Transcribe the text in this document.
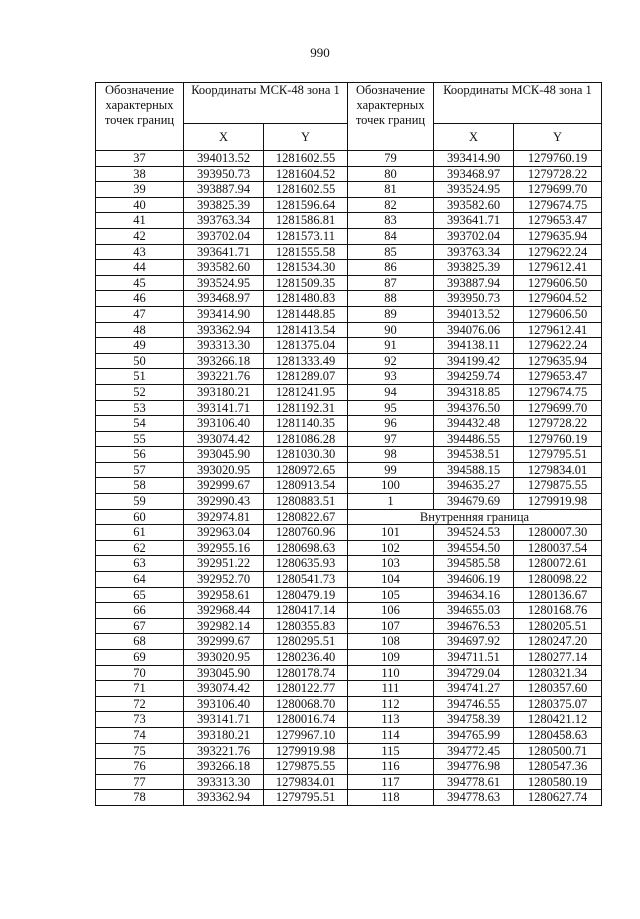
990
Обозначение характерных точек границ	Координаты МСК-48 зона 1		Обозначение характерных точек границ	Координаты МСК-48 зона 1	
	X	Y		X	Y
37	394013.52	1281602.55	79	393414.90	1279760.19
38	393950.73	1281604.52	80	393468.97	1279728.22
39	393887.94	1281602.55	81	393524.95	1279699.70
40	393825.39	1281596.64	82	393582.60	1279674.75
41	393763.34	1281586.81	83	393641.71	1279653.47
42	393702.04	1281573.11	84	393702.04	1279635.94
43	393641.71	1281555.58	85	393763.34	1279622.24
44	393582.60	1281534.30	86	393825.39	1279612.41
45	393524.95	1281509.35	87	393887.94	1279606.50
46	393468.97	1281480.83	88	393950.73	1279604.52
47	393414.90	1281448.85	89	394013.52	1279606.50
48	393362.94	1281413.54	90	394076.06	1279612.41
49	393313.30	1281375.04	91	394138.11	1279622.24
50	393266.18	1281333.49	92	394199.42	1279635.94
51	393221.76	1281289.07	93	394259.74	1279653.47
52	393180.21	1281241.95	94	394318.85	1279674.75
53	393141.71	1281192.31	95	394376.50	1279699.70
54	393106.40	1281140.35	96	394432.48	1279728.22
55	393074.42	1281086.28	97	394486.55	1279760.19
56	393045.90	1281030.30	98	394538.51	1279795.51
57	393020.95	1280972.65	99	394588.15	1279834.01
58	392999.67	1280913.54	100	394635.27	1279875.55
59	392990.43	1280883.51	1	394679.69	1279919.98
60	392974.81	1280822.67	Внутренняя граница		
61	392963.04	1280760.96	101	394524.53	1280007.30
62	392955.16	1280698.63	102	394554.50	1280037.54
63	392951.22	1280635.93	103	394585.58	1280072.61
64	392952.70	1280541.73	104	394606.19	1280098.22
65	392958.61	1280479.19	105	394634.16	1280136.67
66	392968.44	1280417.14	106	394655.03	1280168.76
67	392982.14	1280355.83	107	394676.53	1280205.51
68	392999.67	1280295.51	108	394697.92	1280247.20
69	393020.95	1280236.40	109	394711.51	1280277.14
70	393045.90	1280178.74	110	394729.04	1280321.34
71	393074.42	1280122.77	111	394741.27	1280357.60
72	393106.40	1280068.70	112	394746.55	1280375.07
73	393141.71	1280016.74	113	394758.39	1280421.12
74	393180.21	1279967.10	114	394765.99	1280458.63
75	393221.76	1279919.98	115	394772.45	1280500.71
76	393266.18	1279875.55	116	394776.98	1280547.36
77	393313.30	1279834.01	117	394778.61	1280580.19
78	393362.94	1279795.51	118	394778.63	1280627.74
